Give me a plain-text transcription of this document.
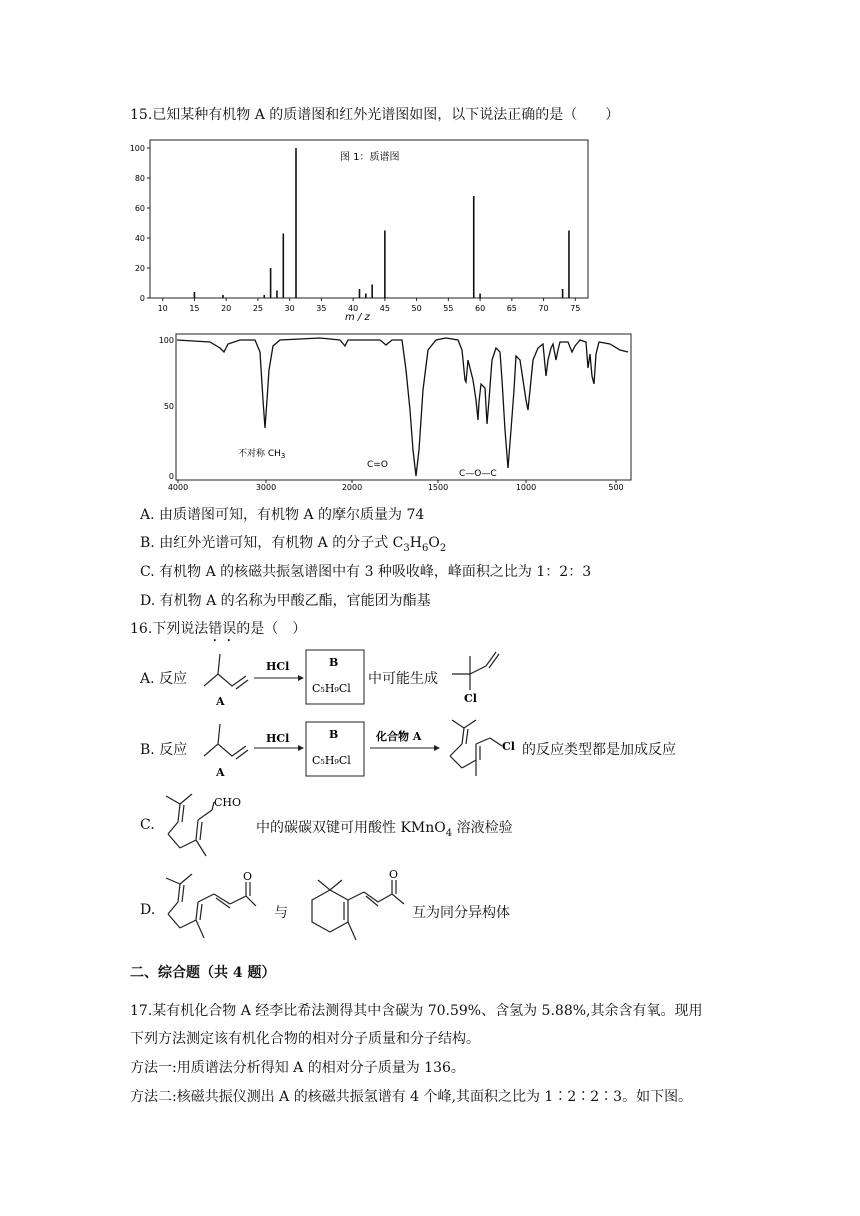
15.已知某种有机物 A 的质谱图和红外光谱图如图，以下说法正确的是（　　）
0
20
40
60
80
100
10	15	20	25	30	35	40	45	50	55	60	65	70	75
图 1：质谱图
m / z
100
50
0
4000	3000	2000	1500	1000	500
不对称 $CH_3$
C=O
C—O—C
A. 由质谱图可知，有机物 A 的摩尔质量为 74
B. 由红外光谱可知，有机物 A 的分子式 $C_3H_6O_2$
C. 有机物 A 的核磁共振氢谱图中有 3 种吸收峰，峰面积之比为 1：2：3
D. 有机物 A 的名称为甲酸乙酯，官能团为酯基
16.下列说法错误的是（　）
A. 反应
A
HCl	B
C₅H₉Cl
中可能生成
Cl
B. 反应
A
HCl	B
C₅H₉Cl
化合物 A
Cl 的反应类型都是加成反应
C.
CHO
中的碳碳双键可用酸性 KMnO$_4$ 溶液检验
D.
O
与
O
互为同分异构体
二、综合题（共 4 题）
17.某有机化合物 A 经李比希法测得其中含碳为 70.59%、含氢为 5.88%,其余含有氧。现用
下列方法测定该有机化合物的相对分子质量和分子结构。
方法一:用质谱法分析得知 A 的相对分子质量为 136。
方法二:核磁共振仪测出 A 的核磁共振氢谱有 4 个峰,其面积之比为 1∶2∶2∶3。如下图。
